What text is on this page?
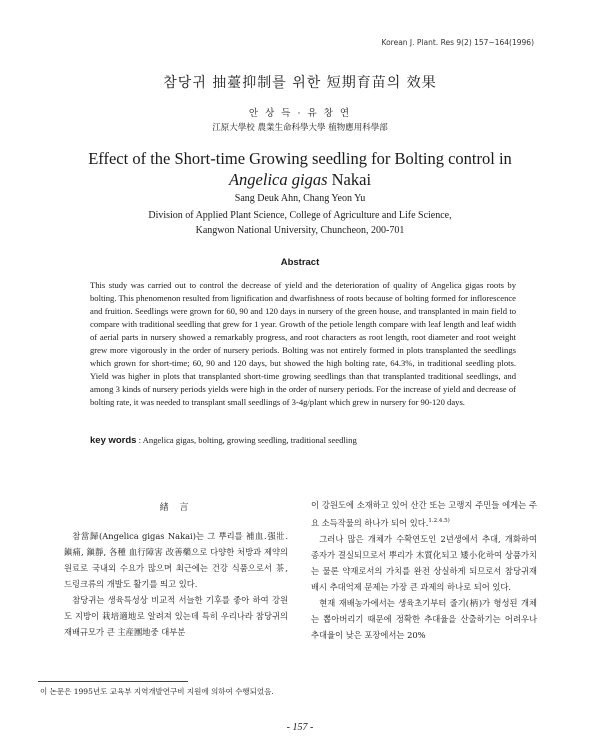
Korean J. Plant. Res 9(2) 157~164(1996)
참당귀 抽薹抑制를 위한 短期育苗의 效果
안 상 득 · 유 창 연
江原大學校 農業生命科學大學 植物應用科學部
Effect of the Short-time Growing seedling for Bolting control in
Angelica gigas Nakai
Sang Deuk Ahn, Chang Yeon Yu
Division of Applied Plant Science, College of Agriculture and Life Science,
Kangwon National University, Chuncheon, 200-701
Abstract

This study was carried out to control the decrease of yield and the deterioration of quality of Angelica gigas roots by bolting. This phenomenon resulted from lignification and dwarfishness of roots because of bolting formed for inflorescence and fruition. Seedlings were grown for 60, 90 and 120 days in nursery of the green house, and transplanted in main field to compare with traditional seedling that grew for 1 year. Growth of the petiole length compare with leaf length and leaf width of aerial parts in nursery showed a remarkably progress, and root characters as root length, root diameter and root weight grew more vigorously in the order of nursery periods. Bolting was not entirely formed in plots transplanted the seedlings which grown for short-time; 60, 90 and 120 days, but showed the high bolting rate, 64.3%, in traditional seedling plots. Yield was higher in plots that transplanted short-time growing seedlings than that transplanted traditional seedlings, and among 3 kinds of nursery periods yields were high in the order of nursery periods. For the increase of yield and decrease of bolting rate, it was needed to transplant small seedlings of 3-4g/plant which grew in nursery for 90-120 days.

key words : Angelica gigas, bolting, growing seedling, traditional seedling

緖 言

참當歸(Angelica gigas Nakai)는 그 뿌리를 補血.强壯. 鎭痛, 鎭靜, 各種 血行障害 改善藥으로 다양한 처방과 제약의 원료로 국내외 수요가 많으며 최근에는 건강 식품으로서 茶, 드링크류의 개발도 활기를 띄고 있다.

참당귀는 생육특성상 비교적 서늘한 기후를 좋아 하여 강원도 지방이 栽培適地로 알려져 있는데 특히 우리나라 참당귀의 재배규모가 큰 主産團地중 대부분

이 강원도에 소재하고 있어 산간 또는 고랭지 주민들 에게는 주요 소득작물의 하나가 되어 있다.$^{1.2.4.5)}$

그러나 많은 개체가 수확연도인 2년생에서 추대, 개화하여 종자가 결실되므로서 뿌리가 木質化되고 矮小化하여 상품가치는 물론 약재로서의 가치를 완전 상실하게 되므로서 참당귀재배시 추대억제 문제는 가장 큰 과제의 하나로 되어 있다.

현재 재배농가에서는 생육초기부터 줄기(柄)가 형성된 개체는 뽑아버리기 때문에 정확한 추대율을 산출하기는 어려우나 추대율이 낮은 포장에서는 20%

이 논문은 1995년도 교육부 지역개발연구비 지원에 의하여 수행되었음.
- 157 -
